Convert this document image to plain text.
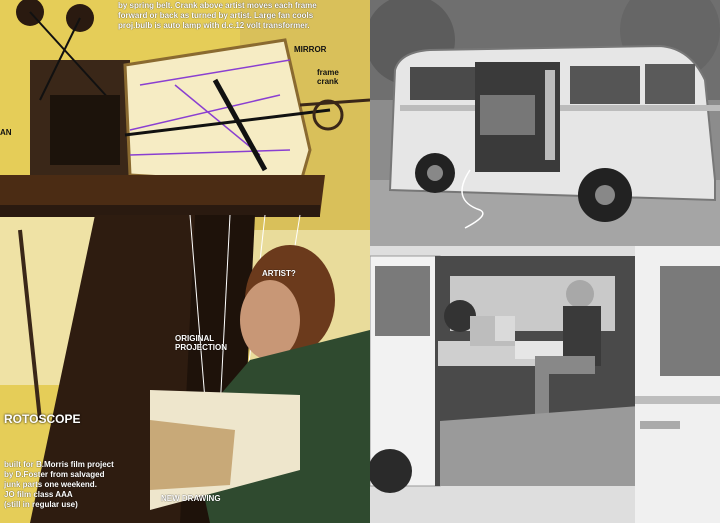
by spring belt. Crank above artist moves each frame
forward or back as turned by artist. Large fan cools
proj.bulb is auto lamp with d.c.12 volt transformer.
MIRROR
frame
crank
AN
ARTIST?
ORIGINAL
PROJECTION
ROTOSCOPE
built for B.Morris film project
by D.Foster from salvaged
junk parts one weekend.
JO film class AAA
(still in regular use)
NEW DRAWING
